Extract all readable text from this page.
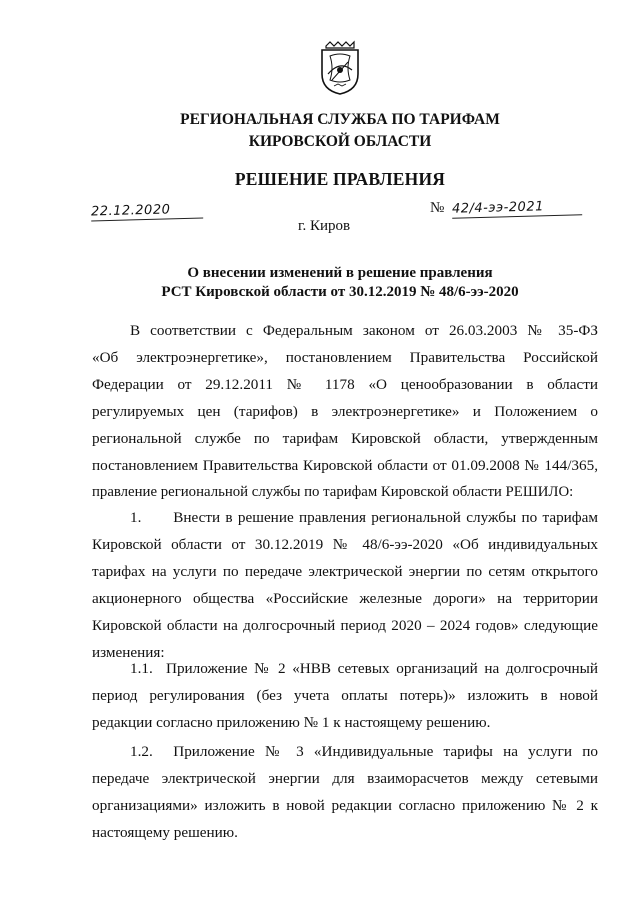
РЕГИОНАЛЬНАЯ СЛУЖБА ПО ТАРИФАМ
КИРОВСКОЙ ОБЛАСТИ
РЕШЕНИЕ ПРАВЛЕНИЯ
22.12.2020	№ 42/4-ээ-2021
г. Киров
О внесении изменений в решение правления
РСТ Кировской области от 30.12.2019 № 48/6-ээ-2020
В соответствии с Федеральным законом от 26.03.2003 № 35-ФЗ
«Об электроэнергетике», постановлением Правительства Российской
Федерации от 29.12.2011 № 1178 «О ценообразовании в области
регулируемых цен (тарифов) в электроэнергетике» и Положением о
региональной службе по тарифам Кировской области, утвержденным
постановлением Правительства Кировской области от 01.09.2008 № 144/365,
правление региональной службы по тарифам Кировской области РЕШИЛО:
1.      Внести в решение правления региональной службы по тарифам
Кировской области от 30.12.2019 № 48/6-ээ-2020 «Об индивидуальных
тарифах на услуги по передаче электрической энергии по сетям открытого
акционерного общества «Российские железные дороги» на территории
Кировской области на долгосрочный период 2020 – 2024 годов» следующие
изменения:
1.1.  Приложение № 2 «НВВ сетевых организаций на долгосрочный
период регулирования (без учета оплаты потерь)» изложить в новой
редакции согласно приложению № 1 к настоящему решению.
1.2.  Приложение № 3 «Индивидуальные тарифы на услуги по
передаче электрической энергии для взаиморасчетов между сетевыми
организациями» изложить в новой редакции согласно приложению № 2 к
настоящему решению.
